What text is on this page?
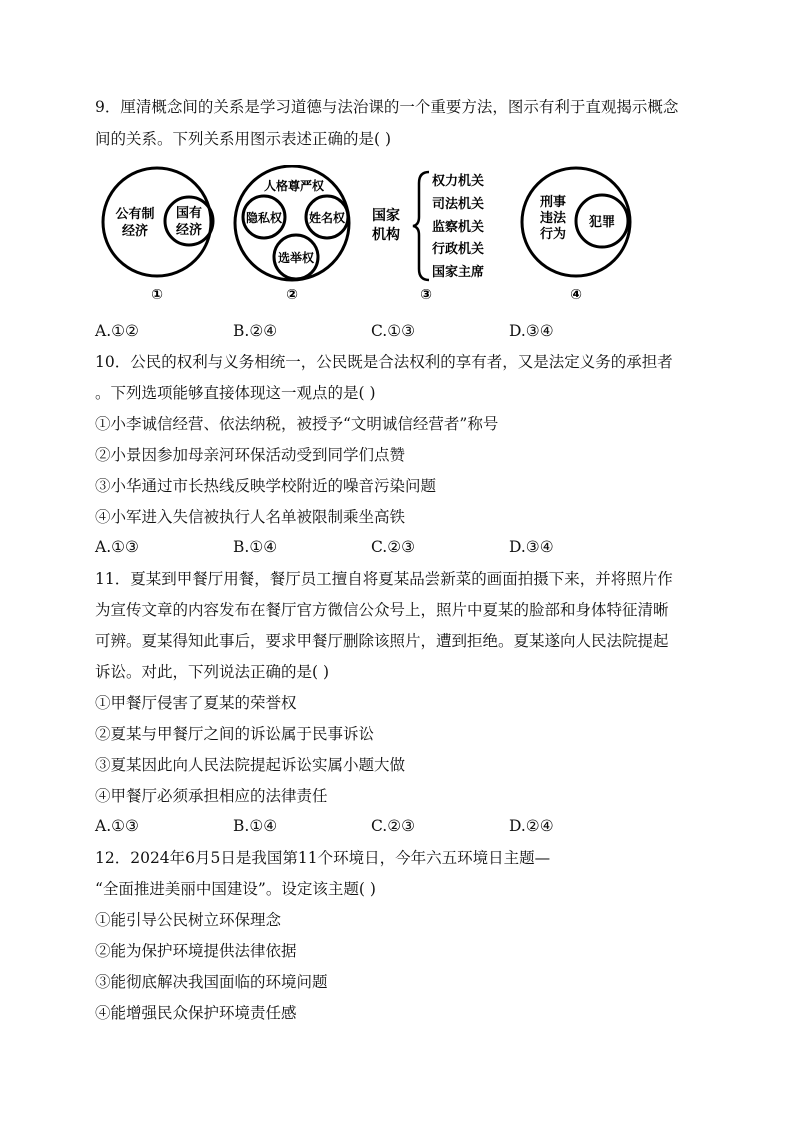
9．厘清概念间的关系是学习道德与法治课的一个重要方法，图示有利于直观揭示概念
间的关系。下列关系用图示表述正确的是( )
公有制经济
国有经济
①
人格尊严权
隐私权 姓名权
选举权
②
国家机构
权力机关
司法机关
监察机关
行政机关
国家主席
③
刑事违法行为
犯罪
④
A.①②	B.②④	C.①③	D.③④
10．公民的权利与义务相统一，公民既是合法权利的享有者，又是法定义务的承担者
。下列选项能够直接体现这一观点的是( )
①小李诚信经营、依法纳税，被授予“文明诚信经营者”称号
②小景因参加母亲河环保活动受到同学们点赞
③小华通过市长热线反映学校附近的噪音污染问题
④小军进入失信被执行人名单被限制乘坐高铁
A.①③	B.①④	C.②③	D.③④
11．夏某到甲餐厅用餐，餐厅员工擅自将夏某品尝新菜的画面拍摄下来，并将照片作
为宣传文章的内容发布在餐厅官方微信公众号上，照片中夏某的脸部和身体特征清晰
可辨。夏某得知此事后，要求甲餐厅删除该照片，遭到拒绝。夏某遂向人民法院提起
诉讼。对此，下列说法正确的是( )
①甲餐厅侵害了夏某的荣誉权
②夏某与甲餐厅之间的诉讼属于民事诉讼
③夏某因此向人民法院提起诉讼实属小题大做
④甲餐厅必须承担相应的法律责任
A.①③	B.①④	C.②③	D.②④
12．2024年6月5日是我国第11个环境日，今年六五环境日主题—
“全面推进美丽中国建设”。设定该主题( )
①能引导公民树立环保理念
②能为保护环境提供法律依据
③能彻底解决我国面临的环境问题
④能增强民众保护环境责任感
